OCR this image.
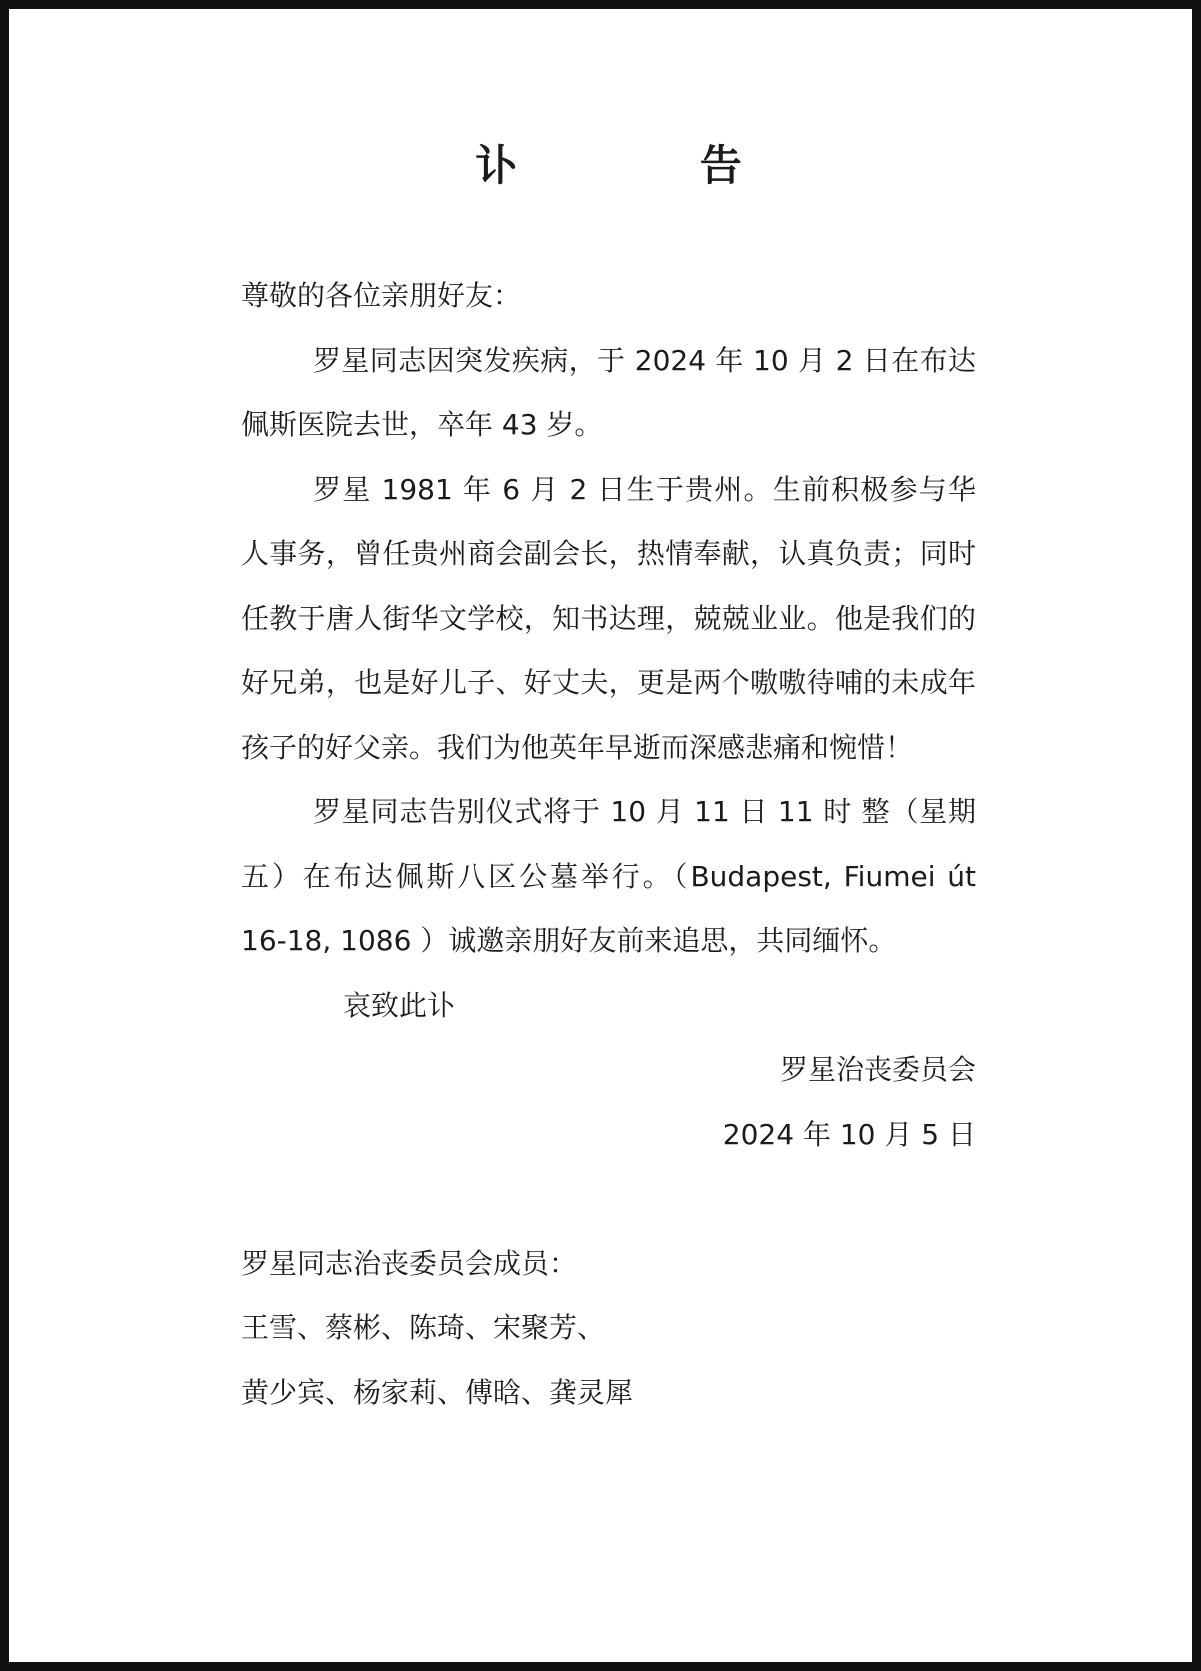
讣 告

尊敬的各位亲朋好友：

罗星同志因突发疾病，于 2024 年 10 月 2 日在布达佩斯医院去世，卒年 43 岁。

罗星 1981 年 6 月 2 日生于贵州。生前积极参与华人事务，曾任贵州商会副会长，热情奉献，认真负责；同时任教于唐人街华文学校，知书达理，兢兢业业。他是我们的好兄弟，也是好儿子、好丈夫，更是两个嗷嗷待哺的未成年孩子的好父亲。我们为他英年早逝而深感悲痛和惋惜！

罗星同志告别仪式将于 10 月 11 日 11 时 整（星期五）在布达佩斯八区公墓举行。（Budapest, Fiumei út 16-18, 1086 ）诚邀亲朋好友前来追思，共同缅怀。

哀致此讣

罗星治丧委员会

2024 年 10 月 5 日

罗星同志治丧委员会成员：

王雪、蔡彬、陈琦、宋聚芳、

黄少宾、杨家莉、傅晗、龚灵犀
